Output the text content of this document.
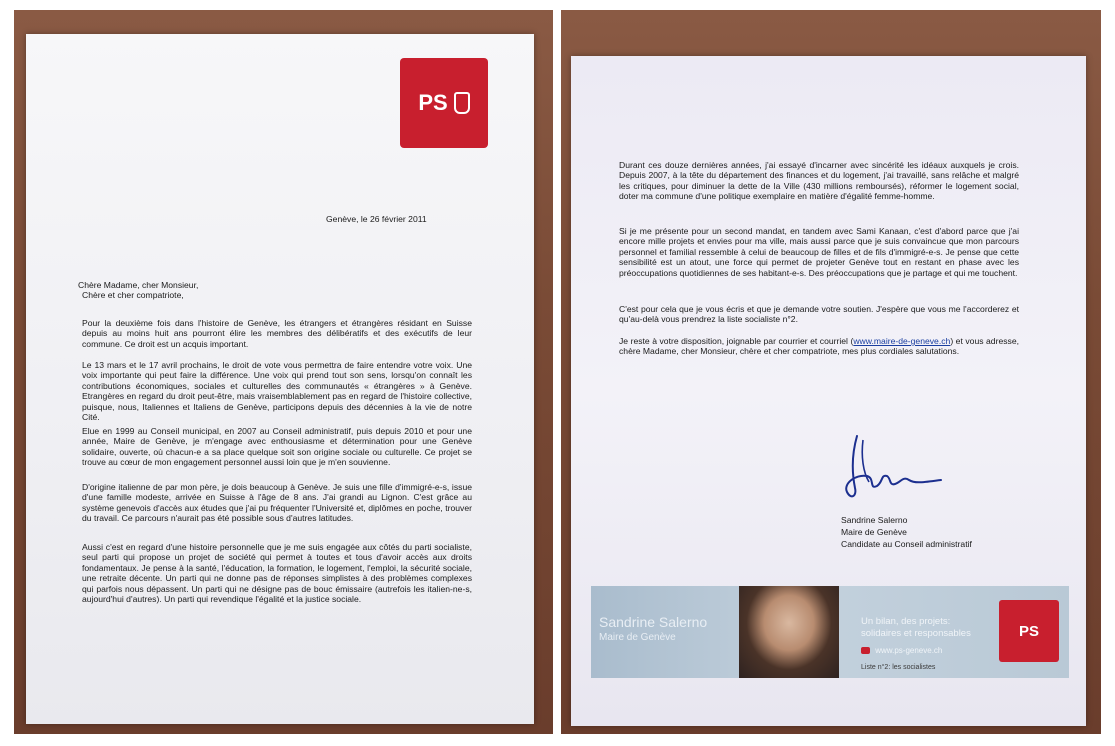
PS
Genève, le 26 février 2011
Chère Madame, cher Monsieur,
Chère et cher compatriote,
Pour la deuxième fois dans l'histoire de Genève, les étrangers et étrangères résidant en Suisse depuis au moins huit ans pourront élire les membres des délibératifs et des exécutifs de leur commune. Ce droit est un acquis important.
Le 13 mars et le 17 avril prochains, le droit de vote vous permettra de faire entendre votre voix. Une voix importante qui peut faire la différence. Une voix qui prend tout son sens, lorsqu'on connaît les contributions économiques, sociales et culturelles des communautés « étrangères » à Genève. Etrangères en regard du droit peut-être, mais vraisemblablement pas en regard de l'histoire collective, puisque, nous, Italiennes et Italiens de Genève, participons depuis des décennies à la vie de notre Cité.
Elue en 1999 au Conseil municipal, en 2007 au Conseil administratif, puis depuis 2010 et pour une année, Maire de Genève, je m'engage avec enthousiasme et détermination pour une Genève solidaire, ouverte, où chacun-e a sa place quelque soit son origine sociale ou culturelle. Ce projet se trouve au cœur de mon engagement personnel aussi loin que je m'en souvienne.
D'origine italienne de par mon père, je dois beaucoup à Genève. Je suis une fille d'immigré-e-s, issue d'une famille modeste, arrivée en Suisse à l'âge de 8 ans. J'ai grandi au Lignon. C'est grâce au système genevois d'accès aux études que j'ai pu fréquenter l'Université et, diplômes en poche, trouver du travail. Ce parcours n'aurait pas été possible sous d'autres latitudes.
Aussi c'est en regard d'une histoire personnelle que je me suis engagée aux côtés du parti socialiste, seul parti qui propose un projet de société qui permet à toutes et tous d'avoir accès aux droits fondamentaux. Je pense à la santé, l'éducation, la formation, le logement, l'emploi, la sécurité sociale, une retraite décente. Un parti qui ne donne pas de réponses simplistes à des problèmes complexes qui parfois nous dépassent. Un parti qui ne désigne pas de bouc émissaire (autrefois les italien-ne-s, aujourd'hui d'autres). Un parti qui revendique l'égalité et la justice sociale.
Durant ces douze dernières années, j'ai essayé d'incarner avec sincérité les idéaux auxquels je crois. Depuis 2007, à la tête du département des finances et du logement, j'ai travaillé, sans relâche et malgré les critiques, pour diminuer la dette de la Ville (430 millions remboursés), réformer le logement social, doter ma commune d'une politique exemplaire en matière d'égalité femme-homme.
Si je me présente pour un second mandat, en tandem avec Sami Kanaan, c'est d'abord parce que j'ai encore mille projets et envies pour ma ville, mais aussi parce que je suis convaincue que mon parcours personnel et familial ressemble à celui de beaucoup de filles et de fils d'immigré-e-s. Je pense que cette sensibilité est un atout, une force qui permet de projeter Genève tout en restant en phase avec les préoccupations quotidiennes de ses habitant-e-s. Des préoccupations que je partage et qui me touchent.
C'est pour cela que je vous écris et que je demande votre soutien. J'espère que vous me l'accorderez et qu'au-delà vous prendrez la liste socialiste n°2.
Je reste à votre disposition, joignable par courrier et courriel (www.maire-de-geneve.ch) et vous adresse, chère Madame, cher Monsieur, chère et cher compatriote, mes plus cordiales salutations.
Sandrine Salerno
Maire de Genève
Candidate au Conseil administratif
Sandrine Salerno
Maire de Genève
Un bilan, des projets:
solidaires et responsables
www.ps-geneve.ch
Liste n°2: les socialistes
PS
